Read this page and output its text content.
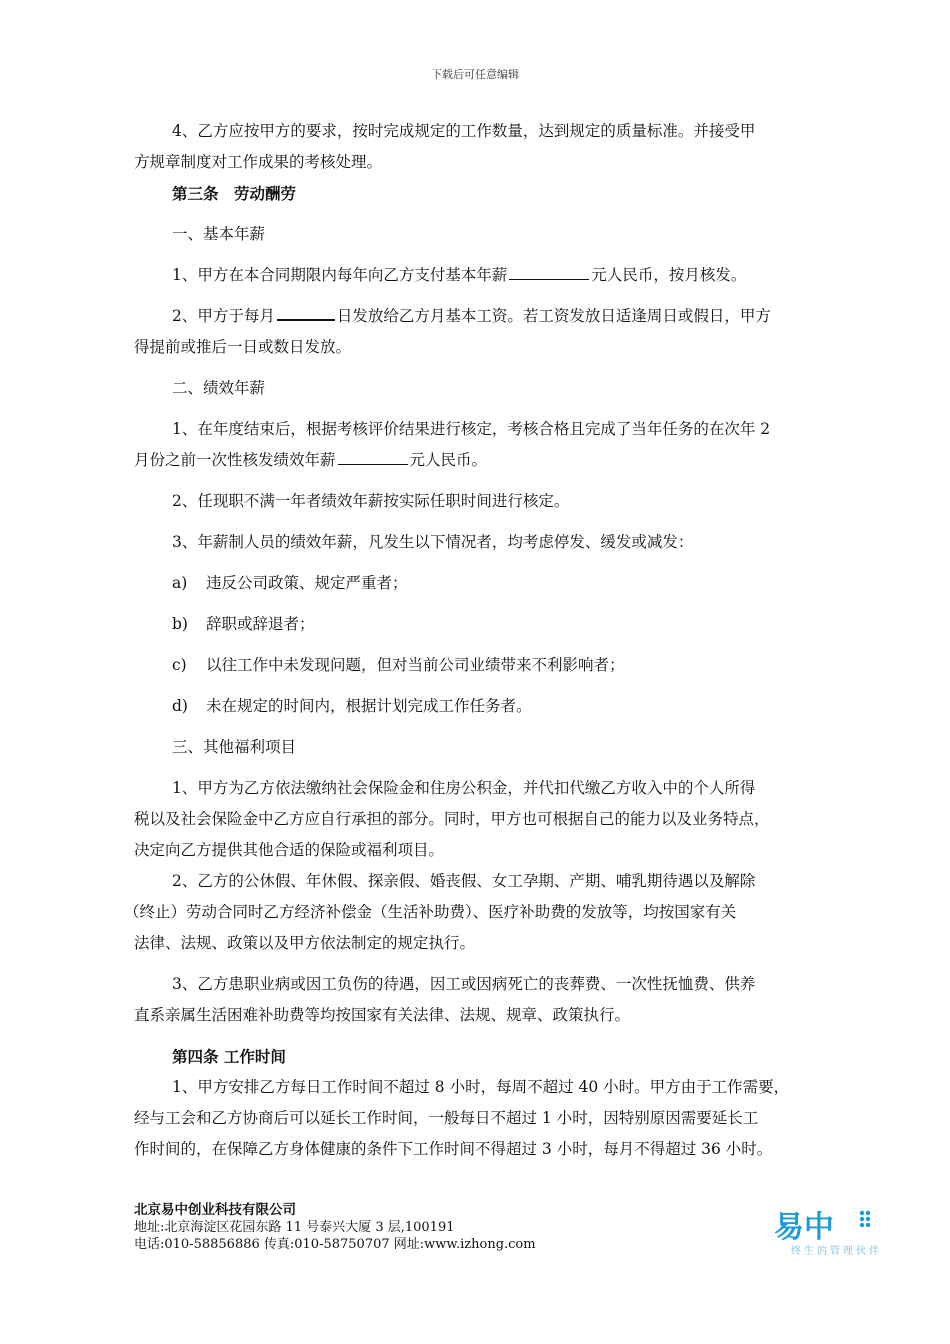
下载后可任意编辑
4、乙方应按甲方的要求，按时完成规定的工作数量，达到规定的质量标准。并接受甲
方规章制度对工作成果的考核处理。
第三条　劳动酬劳
一、基本年薪
1、甲方在本合同期限内每年向乙方支付基本年薪	元人民币，按月核发。
2、甲方于每月	日发放给乙方月基本工资。若工资发放日适逢周日或假日，甲方
得提前或推后一日或数日发放。
二、绩效年薪
1、在年度结束后，根据考核评价结果进行核定，考核合格且完成了当年任务的在次年 2
月份之前一次性核发绩效年薪	元人民币。
2、任现职不满一年者绩效年薪按实际任职时间进行核定。
3、年薪制人员的绩效年薪，凡发生以下情况者，均考虑停发、缓发或减发：
a) 违反公司政策、规定严重者；
b) 辞职或辞退者；
c) 以往工作中未发现问题，但对当前公司业绩带来不利影响者；
d) 未在规定的时间内，根据计划完成工作任务者。
三、其他福利项目
1、甲方为乙方依法缴纳社会保险金和住房公积金，并代扣代缴乙方收入中的个人所得
税以及社会保险金中乙方应自行承担的部分。同时，甲方也可根据自己的能力以及业务特点，
决定向乙方提供其他合适的保险或福利项目。
2、乙方的公休假、年休假、探亲假、婚丧假、女工孕期、产期、哺乳期待遇以及解除
（终止）劳动合同时乙方经济补偿金（生活补助费）、医疗补助费的发放等，均按国家有关
法律、法规、政策以及甲方依法制定的规定执行。
3、乙方患职业病或因工负伤的待遇，因工或因病死亡的丧葬费、一次性抚恤费、供养
直系亲属生活困难补助费等均按国家有关法律、法规、规章、政策执行。
第四条 工作时间
1、甲方安排乙方每日工作时间不超过 8 小时，每周不超过 40 小时。甲方由于工作需要，
经与工会和乙方协商后可以延长工作时间，一般每日不超过 1 小时，因特别原因需要延长工
作时间的，在保障乙方身体健康的条件下工作时间不得超过 3 小时，每月不得超过 36 小时。
北京易中创业科技有限公司
地址:北京海淀区花园东路 11 号泰兴大厦 3 层,100191
电话:010-58856886 传真:010-58750707 网址:www.izhong.com	易中
终生的管理伙伴
